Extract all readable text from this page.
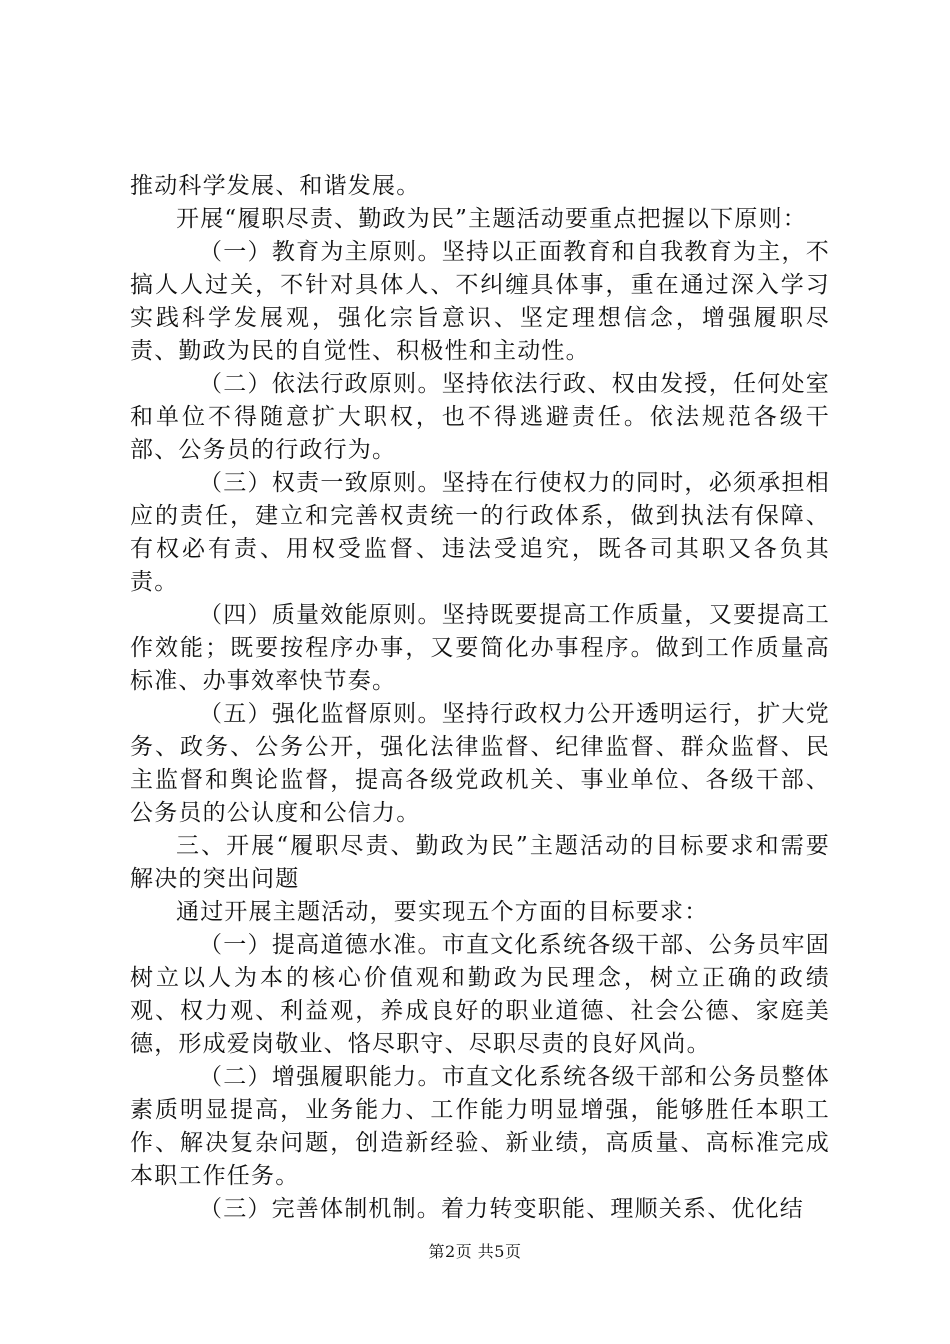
推动科学发展、和谐发展。

开展“履职尽责、勤政为民”主题活动要重点把握以下原则：

（一）教育为主原则。坚持以正面教育和自我教育为主，不搞人人过关，不针对具体人、不纠缠具体事，重在通过深入学习实践科学发展观，强化宗旨意识、坚定理想信念，增强履职尽责、勤政为民的自觉性、积极性和主动性。

（二）依法行政原则。坚持依法行政、权由发授，任何处室和单位不得随意扩大职权，也不得逃避责任。依法规范各级干部、公务员的行政行为。

（三）权责一致原则。坚持在行使权力的同时，必须承担相应的责任，建立和完善权责统一的行政体系，做到执法有保障、有权必有责、用权受监督、违法受追究，既各司其职又各负其责。

（四）质量效能原则。坚持既要提高工作质量，又要提高工作效能；既要按程序办事，又要简化办事程序。做到工作质量高标准、办事效率快节奏。

（五）强化监督原则。坚持行政权力公开透明运行，扩大党务、政务、公务公开，强化法律监督、纪律监督、群众监督、民主监督和舆论监督，提高各级党政机关、事业单位、各级干部、公务员的公认度和公信力。

三、开展“履职尽责、勤政为民”主题活动的目标要求和需要解决的突出问题

通过开展主题活动，要实现五个方面的目标要求：

（一）提高道德水准。市直文化系统各级干部、公务员牢固树立以人为本的核心价值观和勤政为民理念，树立正确的政绩观、权力观、利益观，养成良好的职业道德、社会公德、家庭美德，形成爱岗敬业、恪尽职守、尽职尽责的良好风尚。

（二）增强履职能力。市直文化系统各级干部和公务员整体素质明显提高，业务能力、工作能力明显增强，能够胜任本职工作、解决复杂问题，创造新经验、新业绩，高质量、高标准完成本职工作任务。

（三）完善体制机制。着力转变职能、理顺关系、优化结

第2页 共5页
